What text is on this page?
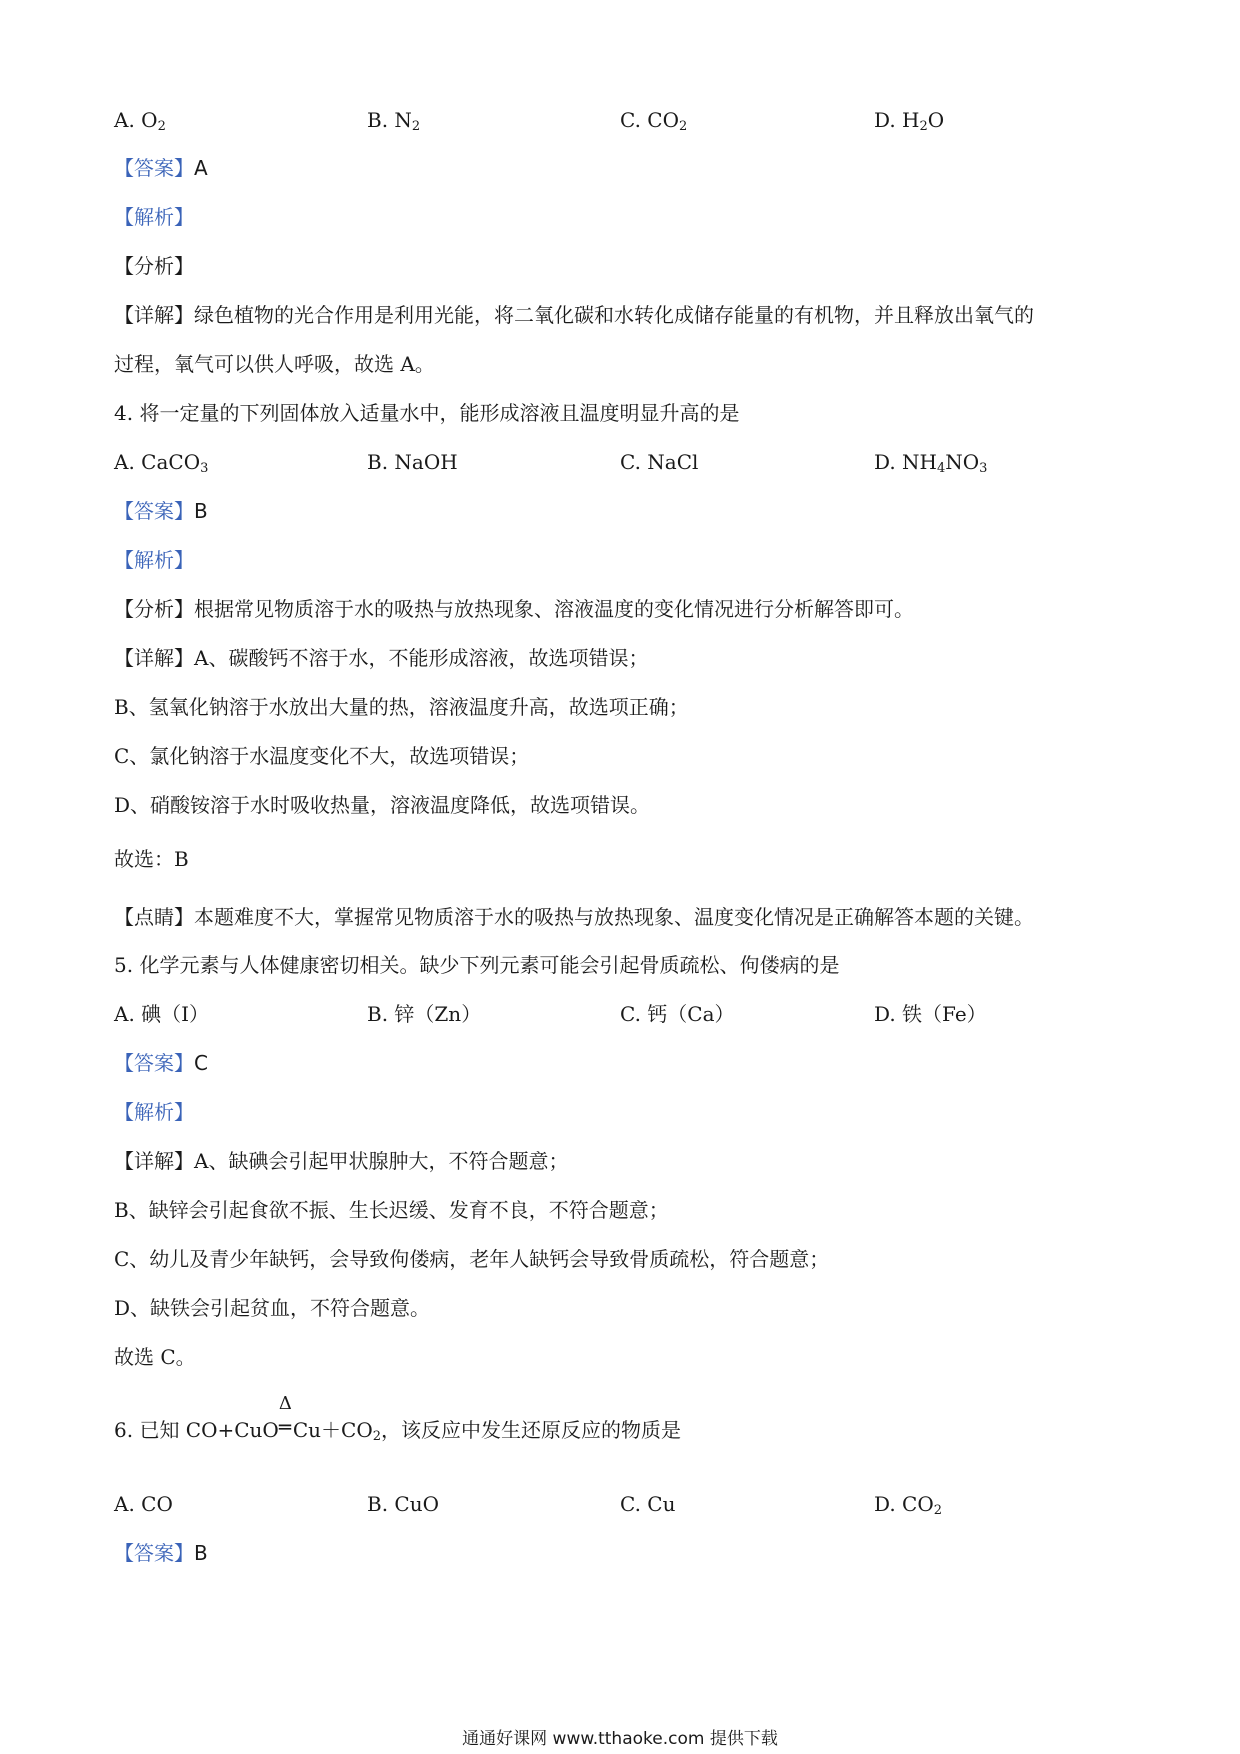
A. $O_2$	B. $N_2$	C. $CO_2$	D. $H_2O$
【答案】A
【解析】
【分析】
【详解】绿色植物的光合作用是利用光能，将二氧化碳和水转化成储存能量的有机物，并且释放出氧气的
过程，氧气可以供人呼吸，故选 A。
4. 将一定量的下列固体放入适量水中，能形成溶液且温度明显升高的是
A. CaCO$_3$	B. NaOH	C. NaCl	D. $NH_4NO_3$
【答案】B
【解析】
【分析】根据常见物质溶于水的吸热与放热现象、溶液温度的变化情况进行分析解答即可。
【详解】A、碳酸钙不溶于水，不能形成溶液，故选项错误；
B、氢氧化钠溶于水放出大量的热，溶液温度升高，故选项正确；
C、氯化钠溶于水温度变化不大，故选项错误；
D、硝酸铵溶于水时吸收热量，溶液温度降低，故选项错误。
故选：B
【点睛】本题难度不大，掌握常见物质溶于水的吸热与放热现象、温度变化情况是正确解答本题的关键。
5. 化学元素与人体健康密切相关。缺少下列元素可能会引起骨质疏松、佝偻病的是
A. 碘（I）	B. 锌（Zn）	C. 钙（Ca）	D. 铁（Fe）
【答案】C
【解析】
【详解】A、缺碘会引起甲状腺肿大，不符合题意；
B、缺锌会引起食欲不振、生长迟缓、发育不良，不符合题意；
C、幼儿及青少年缺钙，会导致佝偻病，老年人缺钙会导致骨质疏松，符合题意；
D、缺铁会引起贫血，不符合题意。
故选 C。
6. 已知 CO+CuO
Δ
═ $Cu+CO_2$，该反应中发生还原反应的物质是
A. CO	B. CuO	C. Cu	D. $CO_2$
【答案】B
通通好课网 www.tthaoke.com 提供下载
